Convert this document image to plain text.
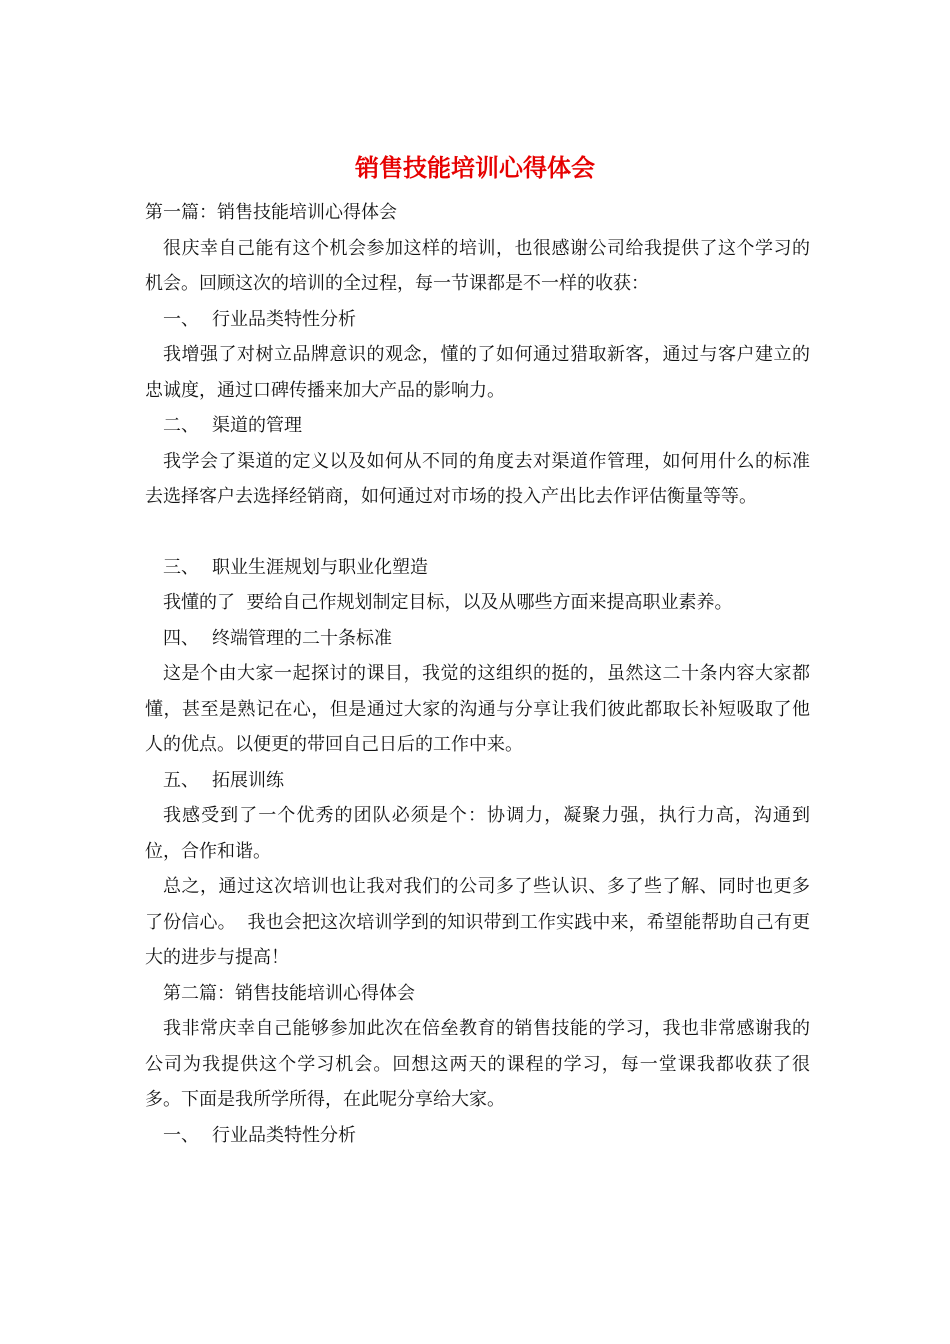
销售技能培训心得体会

第一篇：销售技能培训心得体会

很庆幸自己能有这个机会参加这样的培训，也很感谢公司给我提供了这个学习的机会。回顾这次的培训的全过程，每一节课都是不一样的收获：

一、 行业品类特性分析

我增强了对树立品牌意识的观念，懂的了如何通过猎取新客，通过与客户建立的忠诚度，通过口碑传播来加大产品的影响力。

二、 渠道的管理

我学会了渠道的定义以及如何从不同的角度去对渠道作管理，如何用什么的标准去选择客户去选择经销商，如何通过对市场的投入产出比去作评估衡量等等。

三、 职业生涯规划与职业化塑造

我懂的了  要给自己作规划制定目标，以及从哪些方面来提高职业素养。

四、 终端管理的二十条标准

这是个由大家一起探讨的课目，我觉的这组织的挺的，虽然这二十条内容大家都懂，甚至是熟记在心，但是通过大家的沟通与分享让我们彼此都取长补短吸取了他人的优点。以便更的带回自己日后的工作中来。

五、 拓展训练

我感受到了一个优秀的团队必须是个：协调力，凝聚力强，执行力高，沟通到位，合作和谐。

总之，通过这次培训也让我对我们的公司多了些认识、多了些了解、同时也更多了份信心。  我也会把这次培训学到的知识带到工作实践中来，希望能帮助自己有更大的进步与提高！

第二篇：销售技能培训心得体会

我非常庆幸自己能够参加此次在倍垒教育的销售技能的学习，我也非常感谢我的公司为我提供这个学习机会。回想这两天的课程的学习，每一堂课我都收获了很多。下面是我所学所得，在此呢分享给大家。

一、 行业品类特性分析
